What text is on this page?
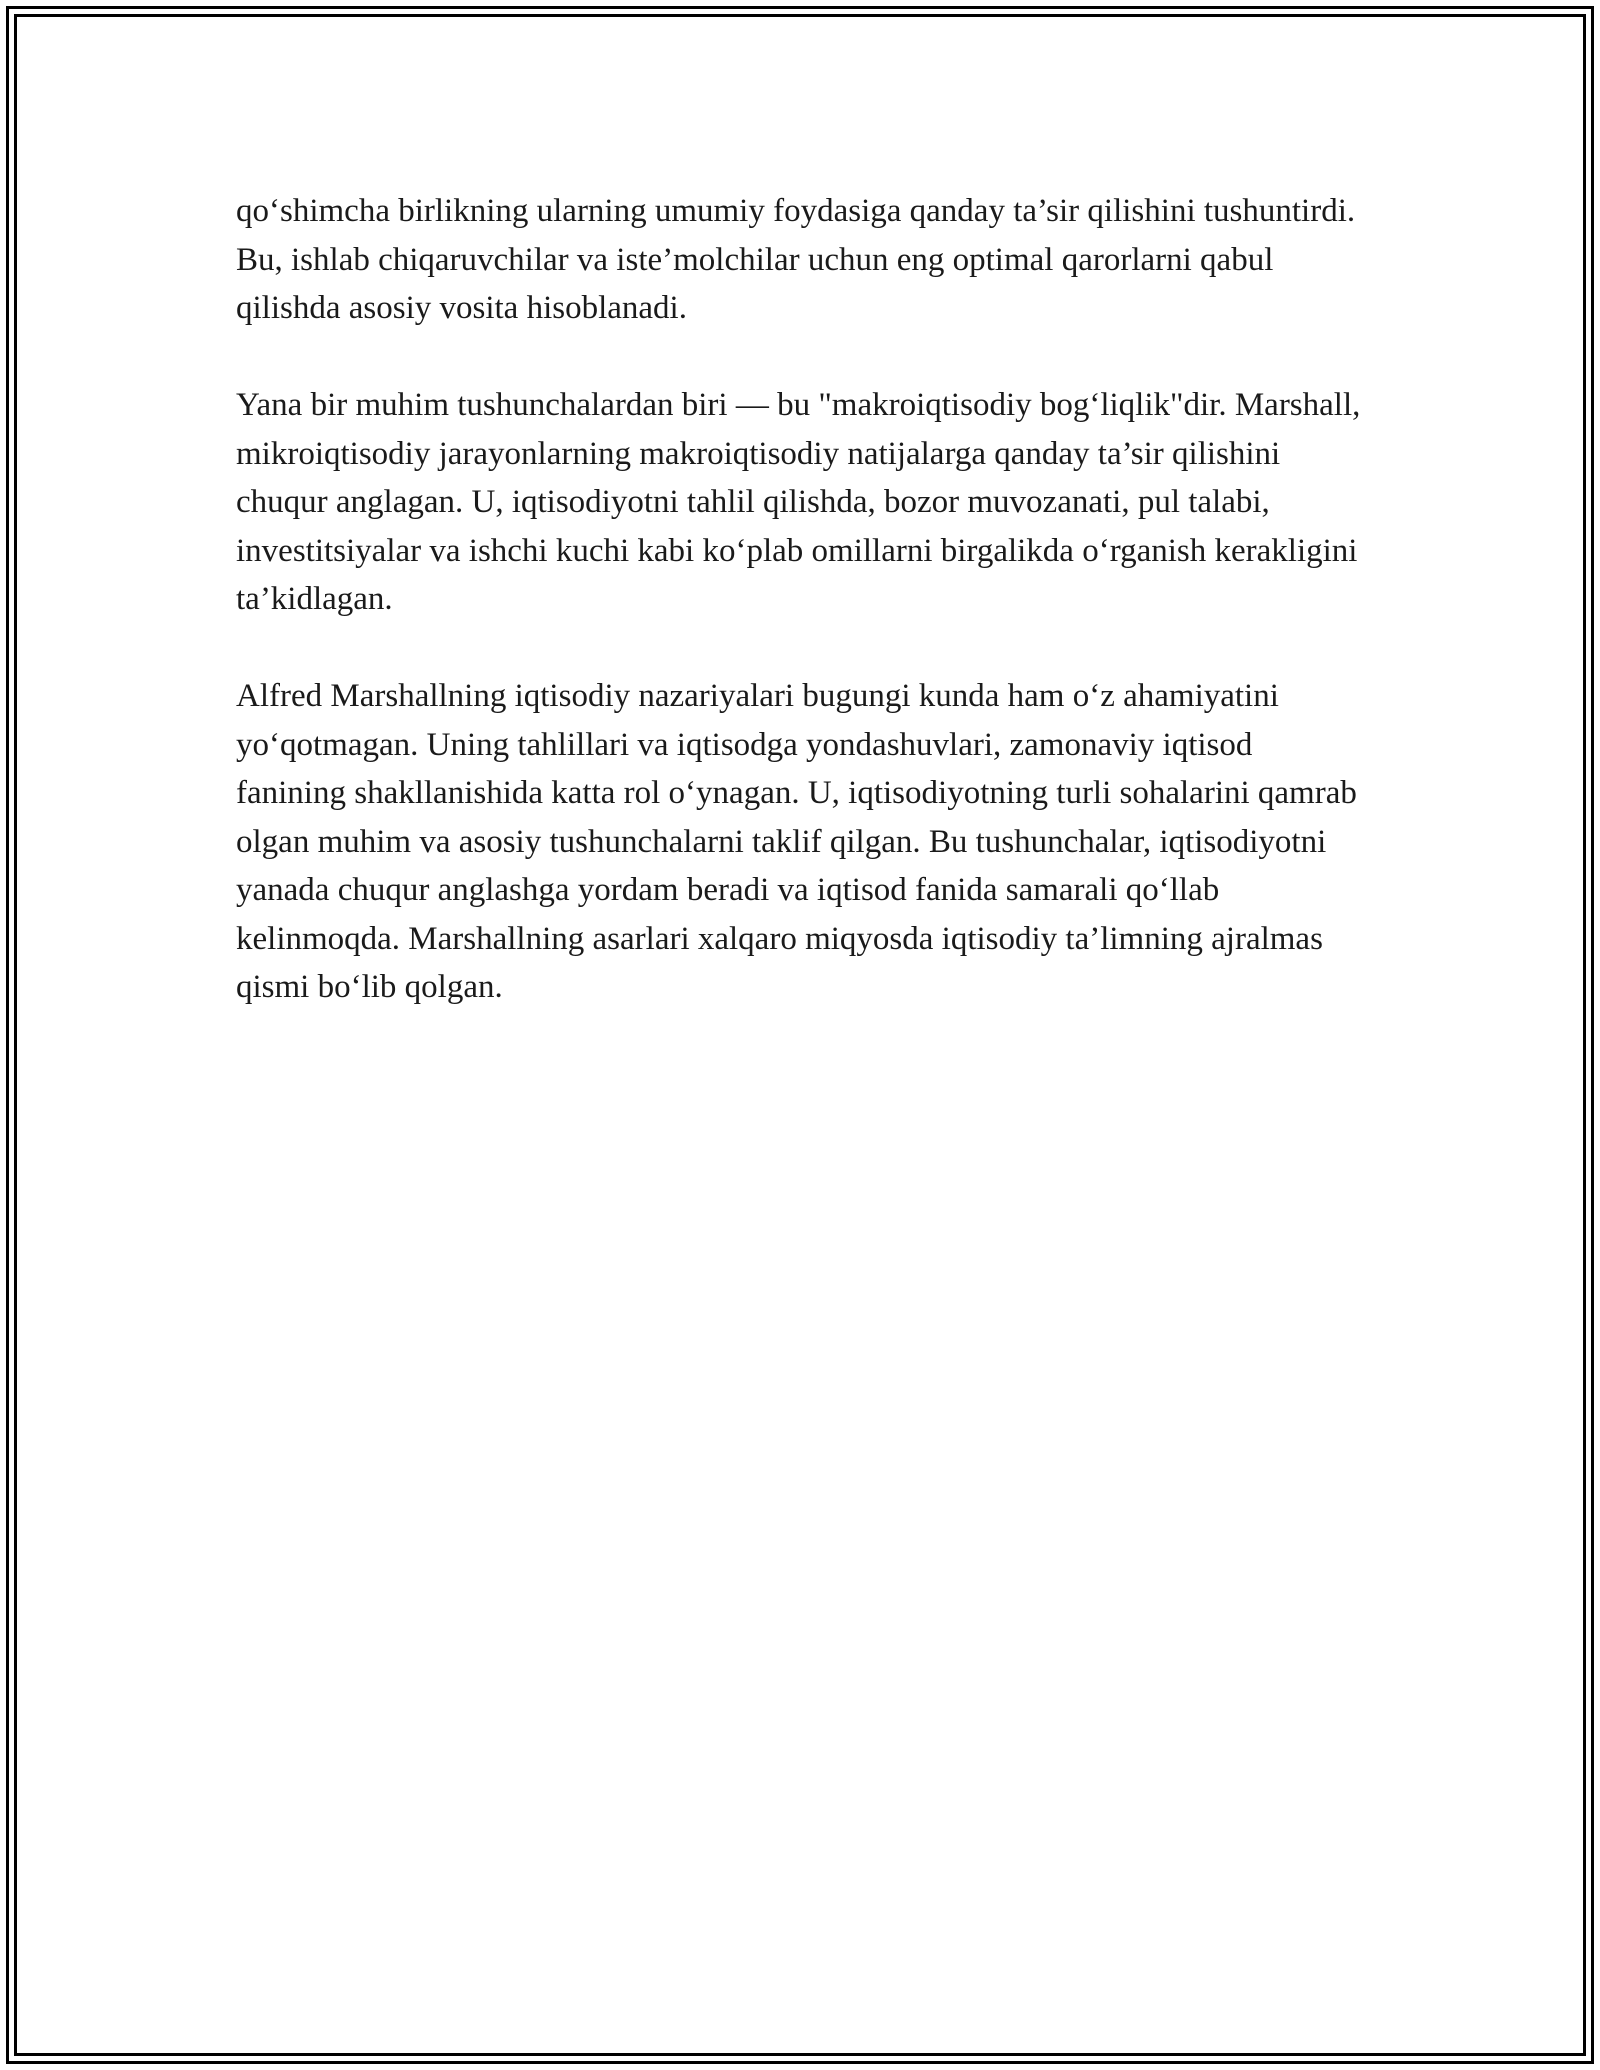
qo‘shimcha birlikning ularning umumiy foydasiga qanday ta’sir qilishini tushuntirdi. Bu, ishlab chiqaruvchilar va iste’molchilar uchun eng optimal qarorlarni qabul qilishda asosiy vosita hisoblanadi.

Yana bir muhim tushunchalardan biri — bu "makroiqtisodiy bog‘liqlik"dir. Marshall, mikroiqtisodiy jarayonlarning makroiqtisodiy natijalarga qanday ta’sir qilishini chuqur anglagan. U, iqtisodiyotni tahlil qilishda, bozor muvozanati, pul talabi, investitsiyalar va ishchi kuchi kabi ko‘plab omillarni birgalikda o‘rganish kerakligini ta’kidlagan.

Alfred Marshallning iqtisodiy nazariyalari bugungi kunda ham o‘z ahamiyatini yo‘qotmagan. Uning tahlillari va iqtisodga yondashuvlari, zamonaviy iqtisod fanining shakllanishida katta rol o‘ynagan. U, iqtisodiyotning turli sohalarini qamrab olgan muhim va asosiy tushunchalarni taklif qilgan. Bu tushunchalar, iqtisodiyotni yanada chuqur anglashga yordam beradi va iqtisod fanida samarali qo‘llab kelinmoqda. Marshallning asarlari xalqaro miqyosda iqtisodiy ta’limning ajralmas qismi bo‘lib qolgan.
